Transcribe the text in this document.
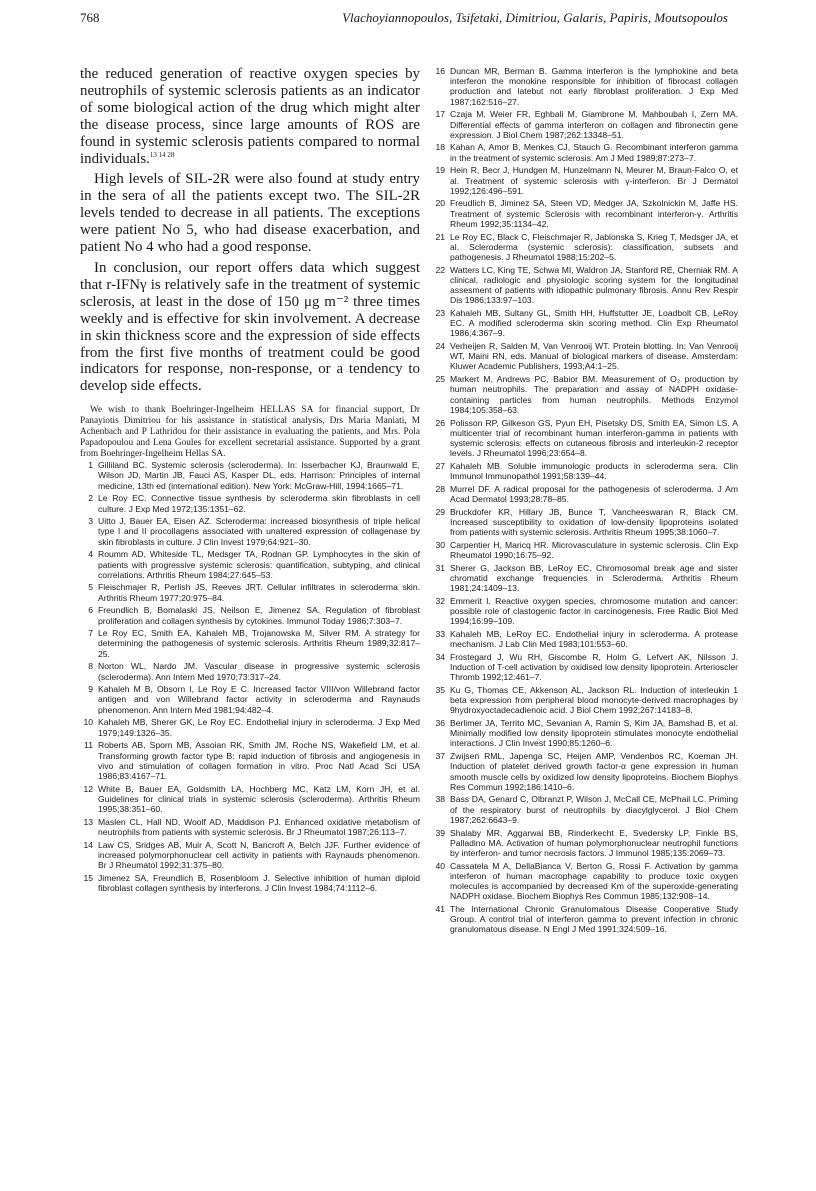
768	Vlachoyiannopoulos, Tsifetaki, Dimitriou, Galaris, Papiris, Moutsopoulos

the reduced generation of reactive oxygen species by neutrophils of systemic sclerosis patients as an indicator of some biological action of the drug which might alter the disease process, since large amounts of ROS are found in systemic sclerosis patients compared to normal individuals.$^{13 14 28}$

High levels of SIL-2R were also found at study entry in the sera of all the patients except two. The SIL-2R levels tended to decrease in all patients. The exceptions were patient No 5, who had disease exacerbation, and patient No 4 who had a good response.

In conclusion, our report offers data which suggest that r-IFNγ is relatively safe in the treatment of systemic sclerosis, at least in the dose of 150 μg m⁻² three times weekly and is effective for skin involvement. A decrease in skin thickness score and the expression of side effects from the first five months of treatment could be good indicators for response, non-response, or a tendency to develop side effects.

We wish to thank Boehringer-Ingelheim HELLAS SA for financial support, Dr Panayiotis Dimitriou for his assistance in statistical analysis, Drs Maria Maniati, M Achenbach and P Lathridou for their assistance in evaluating the patients, and Mrs. Pola Papadopoulou and Lena Goules for excellent secretarial assistance. Supported by a grant from Boehringer-Ingelheim Hellas SA.
1 Gilliland BC. Systemic sclerosis (scleroderma). In: Isserbacher KJ, Braunwald E, Wilson JD, Martin JB, Fauci AS, Kasper DL, eds. Harrison: Principles of internal medicine, 13th ed (international edition). New York: McGraw-Hill, 1994:1665–71.
2 Le Roy EC. Connective tissue synthesis by scleroderma skin fibroblasts in cell culture. J Exp Med 1972;135:1351–62.
3 Uitto J, Bauer EA, Eisen AZ. Scleroderma: increased biosynthesis of triple helical type I and II procollagens associated with unaltered expression of collagenase by skin fibroblasts in culture. J Clin Invest 1979;64:921–30.
4 Roumm AD, Whiteside TL, Medsger TA, Rodnan GP. Lymphocytes in the skin of patients with progressive systemic sclerosis: quantification, subtyping, and clinical correlations. Arthritis Rheum 1984;27:645–53.
5 Fleischmajer R, Perlish JS, Reeves JRT. Cellular infiltrates in scleroderma skin. Arthritis Rheum 1977;20:975–84.
6 Freundlich B, Bomalaski JS, Neilson E, Jimenez SA. Regulation of fibroblast proliferation and collagen synthesis by cytokines. Immunol Today 1986;7:303–7.
7 Le Roy EC, Smith EA, Kahaleh MB, Trojanowska M, Silver RM. A strategy for determining the pathogenesis of systemic sclerosis. Arthritis Rheum 1989;32:817–25.
8 Norton WL, Nardo JM. Vascular disease in progressive systemic sclerosis (scleroderma). Ann Intern Med 1970;73:317–24.
9 Kahaleh M B, Obsorn I, Le Roy E C. Increased factor VIII/von Willebrand factor antigen and von Willebrand factor activity in scleroderma and Raynauds phenomenon. Ann Intern Med 1981;94:482–4.
10 Kahaleh MB, Sherer GK, Le Roy EC. Endothelial injury in scleroderma. J Exp Med 1979;149:1326–35.
11 Roberts AB, Sporn MB, Assoian RK, Smith JM, Roche NS, Wakefield LM, et al. Transforming growth factor type B: rapid induction of fibrosis and angiogenesis in vivo and stimulation of collagen formation in vitro. Proc Natl Acad Sci USA 1986;83:4167–71.
12 White B, Bauer EA, Goldsmith LA, Hochberg MC, Katz LM, Korn JH, et al. Guidelines for clinical trials in systemic sclerosis (scleroderma). Arthritis Rheum 1995;38:351–60.
13 Maslen CL, Hall ND, Woolf AD, Maddison PJ. Enhanced oxidative metabolism of neutrophils from patients with systemic sclerosis. Br J Rheumatol 1987;26:113–7.
14 Law CS, Sridges AB, Muir A, Scott N, Bancroft A, Belch JJF. Further evidence of increased polymorphonuclear cell activity in patients with Raynauds phenomenon. Br J Rheumatol 1992;31:375–80.
15 Jimenez SA, Freundlich B, Rosenbloom J. Selective inhibition of human diploid fibroblast collagen synthesis by interferons. J Clin Invest 1984;74:1112–6.
16 Duncan MR, Berman B. Gamma interferon is the lymphokine and beta interferon the monokine responsible for inhibition of fibrocast collagen production and latebut not early fibroblast proliferation. J Exp Med 1987;162:516–27.
17 Czaja M, Weier FR, Eghbali M, Giambrone M, Mahboubah I, Zern MA. Differential effects of gamma interferon on collagen and fibronectin gene expression. J Biol Chem 1987;262:13348–51.
18 Kahan A, Amor B, Menkes CJ, Stauch G. Recombinant interferon gamma in the treatment of systemic sclerosis. Am J Med 1989;87:273–7.
19 Hein R, Becr J, Hundgen M, Hunzelmann N, Meurer M, Braun-Falco O, et al. Treatment of systemic sclerosis with γ-interferon. Br J Dermatol 1992;126:496–591.
20 Freudlich B, Jiminez SA, Steen VD, Medger JA, Szkolnickin M, Jaffe HS. Treatment of systemic Sclerosis with recombinant interferon-γ. Arthritis Rheum 1992;35:1134–42.
21 Le Roy EC, Black C, Fleischmajer R, Jablonska S, Krieg T, Medsger JA, et al. Scleroderma (systemic sclerosis): classification, subsets and pathogenesis. J Rheumatol 1988;15:202–5.
22 Watters LC, King TE, Schwa MI, Waldron JA, Stanford RE, Cherniak RM. A clinical, radiologic and physiologic scoring system for the longitudinal assesment of patients with idiopathic pulmonary fibrosis. Annu Rev Respir Dis 1986;133:97–103.
23 Kahaleh MB, Sultany GL, Smith HH, Huffstutter JE, Loadbolt CB, LeRoy EC. A modified scleroderma skin scoring method. Clin Exp Rheumatol 1986;4:367–9.
24 Verheijen R, Salden M, Van Venrooij WT. Protein blotting. In: Van Venrooij WT, Maini RN, eds. Manual of biological markers of disease. Amsterdam: Kluwer Academic Publishers, 1993;A4:1–25.
25 Markert M, Andrews PC, Babior BM. Measurement of O₂ production by human neutrophils. The preparation and assay of NADPH oxidase-containing particles from human neutrophils. Methods Enzymol 1984;105:358–63.
26 Polisson RP, Gilkeson GS, Pyun EH, Pisetsky DS, Smith EA, Simon LS. A multicenter trial of recombinant human interferon-gamma in patients with systemic sclerosis: effects on cutaneous fibrosis and interleukin-2 receptor levels. J Rheumatol 1996;23:654–8.
27 Kahaleh MB. Soluble immunologic products in scleroderma sera. Clin Immunol Immunopathol 1991;58:139–44.
28 Murrel DF. A radical proposal for the pathogenesis of scleroderma. J Am Acad Dermatol 1993;28:78–85.
29 Bruckdofer KR, Hillary JB, Bunce T, Vancheeswaran R, Black CM. Increased susceptibility to oxidation of low-density lipoproteins isolated from patients with systemic sclerosis. Arthritis Rheum 1995;38:1060–7.
30 Carpentier H, Maricq HR. Microvasculature in systemic sclerosis. Clin Exp Rheumatol 1990;16:75–92.
31 Sherer G, Jackson BB, LeRoy EC. Chromosomal break age and sister chromatid exchange frequencies in Scleroderma. Arthritis Rheum 1981;24:1409–13.
32 Emmerit I. Reactive oxygen species, chromosome mutation and cancer: possible role of clastogenic factor in carcinogenesis. Free Radic Biol Med 1994;16:99–109.
33 Kahaleh MB, LeRoy EC. Endothelial injury in scleroderma. A protease mechanism. J Lab Clin Med 1983;101:553–60.
34 Frostegard J, Wu RH, Giscombe R, Holm G, Lefvert AK, Nilsson J. Induction of T-cell activation by oxidised low density lipoprotein. Arterioscler Thromb 1992;12:461–7.
35 Ku G, Thomas CE, Akkenson AL, Jackson RL. Induction of interleukin 1 beta expression from peripheral blood monocyte-derived macrophages by 9hydroxyoctadecadienoic acid. J Biol Chem 1992;267:14183–8.
36 Berlimer JA, Territo MC, Sevanian A, Ramin S, Kim JA, Bamshad B, et al. Minimally modified low density lipoprotein stimulates monocyte endothelial interactions. J Clin Invest 1990;85:1260–6.
37 Zwijsen RML, Japenga SC, Heijen AMP, Vendenbos RC, Koeman JH. Induction of platelet derived growth factor-α gene expression in human smooth muscle cells by oxidized low density lipoproteins. Biochem Biophys Res Commun 1992;186:1410–6.
38 Bass DA, Genard C, Olbranzt P, Wilson J, McCall CE, McPhail LC. Priming of the respiratory burst of neutrophils by diacylglycerol. J Biol Chem 1987;262:6643–9.
39 Shalaby MR, Aggarwal BB, Rinderkecht E, Svedersky LP, Finkle BS, Palladino MA. Activation of human polymorphonuclear neutrophil functions by interferon- and tumor necrosis factors. J Immunol 1985;135:2069–73.
40 Cassatela M A, DellaBianca V, Berton G, Rossi F. Activation by gamma interferon of human macrophage capability to produce toxic oxygen molecules is accompanied by decreased Km of the superoxide-generating NADPH oxidase. Biochem Biophys Res Commun 1985;132:908–14.
41 The International Chronic Granulomatous Disease Cooperative Study Group. A control trial of interferon gamma to prevent infection in chronic granulomatous disease. N Engl J Med 1991;324:509–16.
